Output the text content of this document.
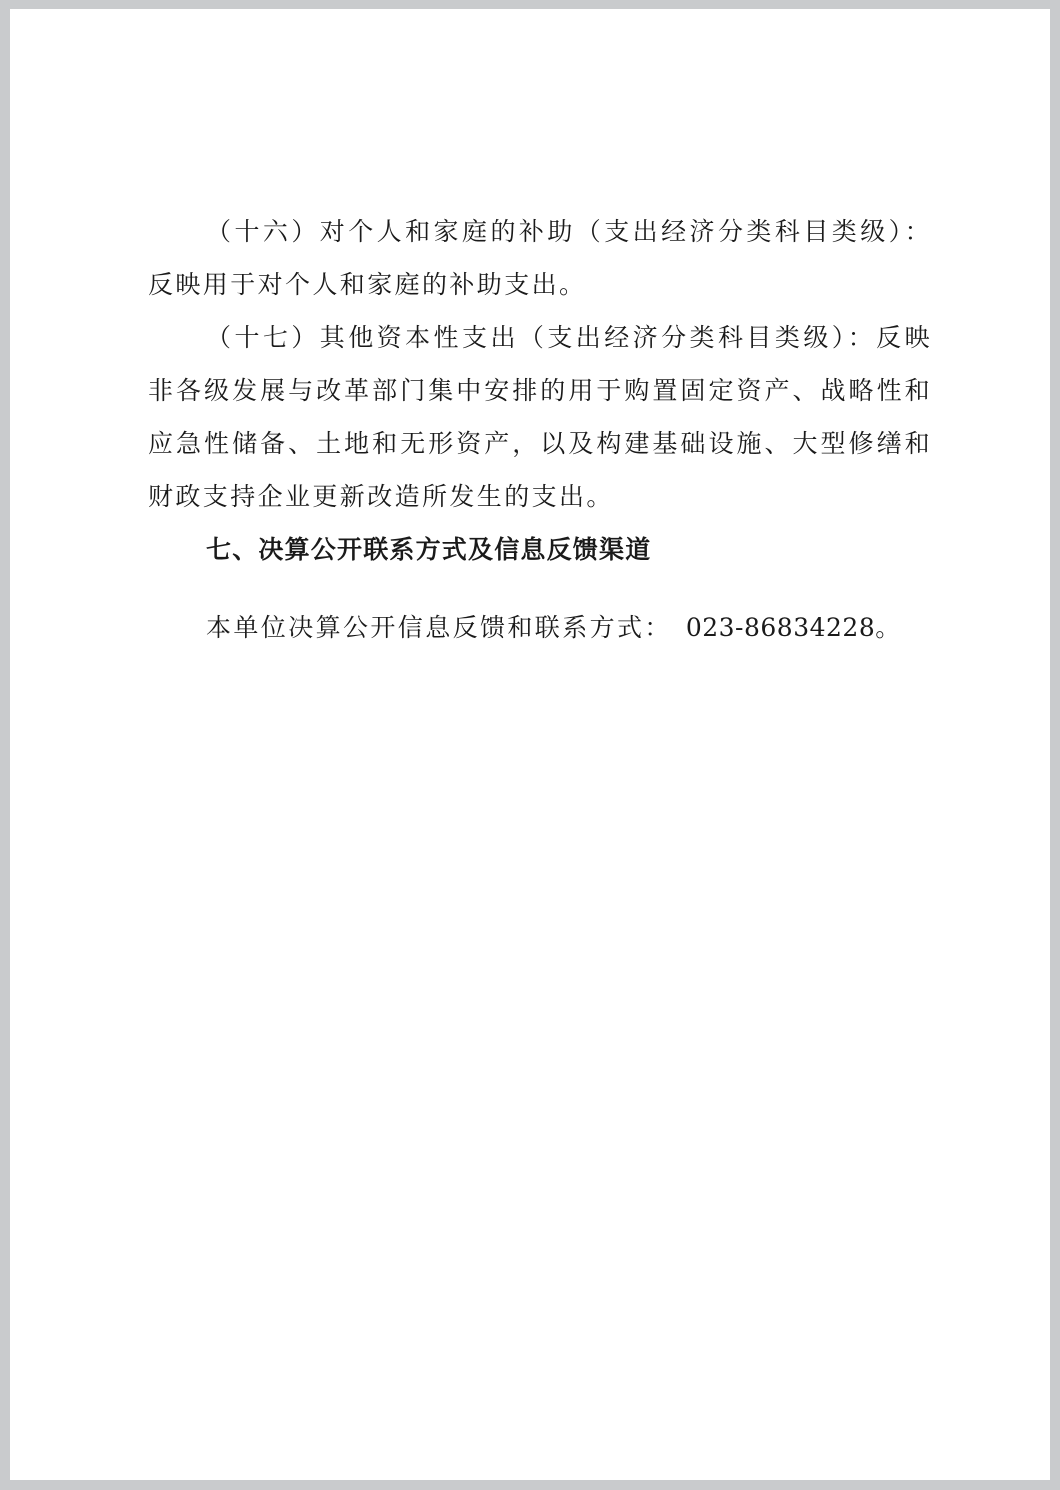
（十六）对个人和家庭的补助（支出经济分类科目类级）：反映用于对个人和家庭的补助支出。

（十七）其他资本性支出（支出经济分类科目类级）：反映非各级发展与改革部门集中安排的用于购置固定资产、战略性和应急性储备、土地和无形资产，以及构建基础设施、大型修缮和财政支持企业更新改造所发生的支出。

七、决算公开联系方式及信息反馈渠道

本单位决算公开信息反馈和联系方式： 023-86834228。
